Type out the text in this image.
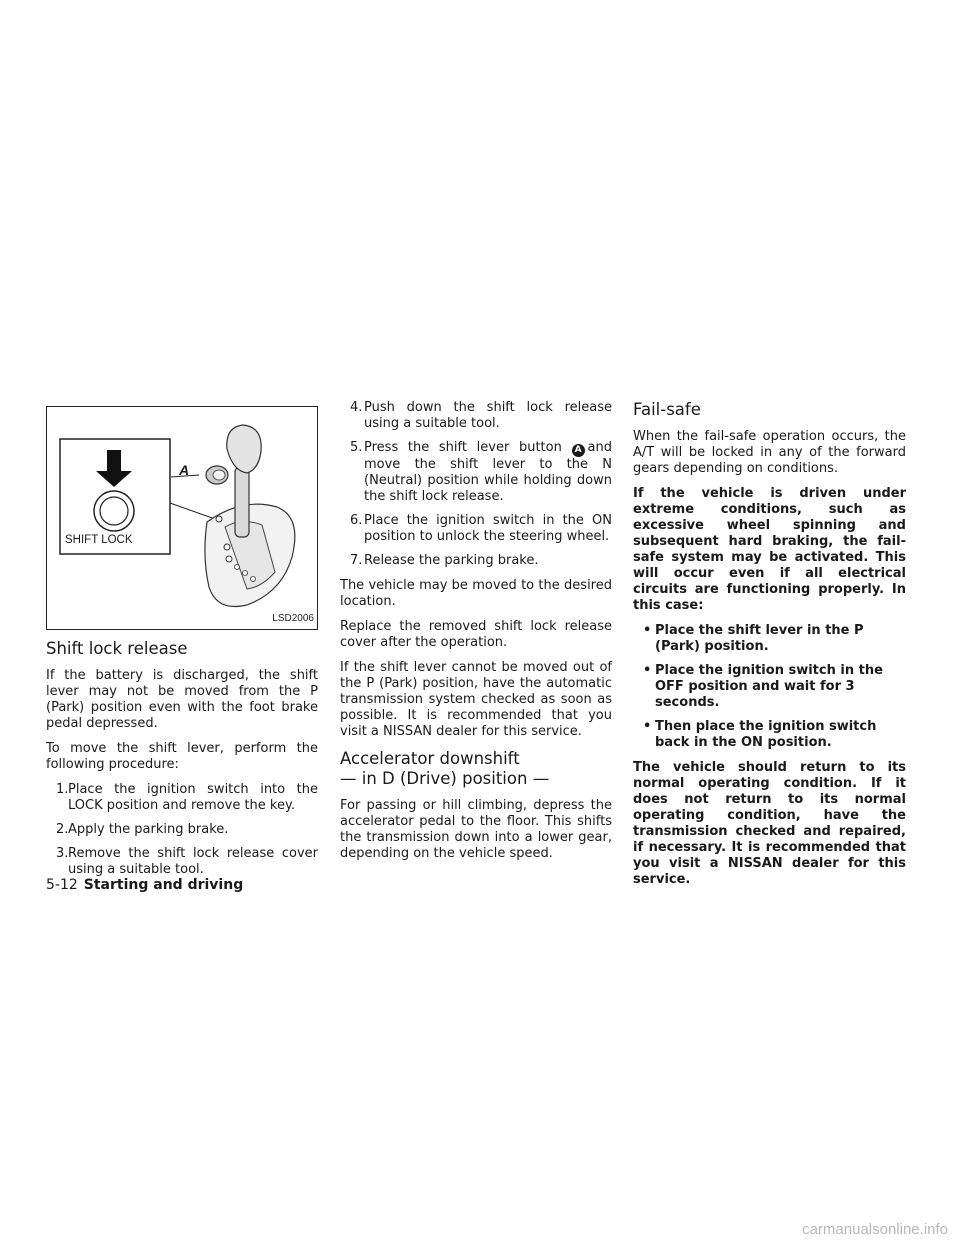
A
SHIFT LOCK
LSD2006
Shift lock release

If the battery is discharged, the shift lever may not be moved from the P (Park) position even with the foot brake pedal depressed.

To move the shift lever, perform the following procedure:

1. Place the ignition switch into the LOCK position and remove the key.
2. Apply the parking brake.
3. Remove the shift lock release cover using a suitable tool.
4. Push down the shift lock release using a suitable tool.
5. Press the shift lever button A and move the shift lever to the N (Neutral) position while holding down the shift lock release.
6. Place the ignition switch in the ON position to unlock the steering wheel.
7. Release the parking brake.

The vehicle may be moved to the desired location.

Replace the removed shift lock release cover after the operation.

If the shift lever cannot be moved out of the P (Park) position, have the automatic transmission system checked as soon as possible. It is recommended that you visit a NISSAN dealer for this service.

Accelerator downshift
— in D (Drive) position —

For passing or hill climbing, depress the accelerator pedal to the floor. This shifts the transmission down into a lower gear, depending on the vehicle speed.

Fail-safe

When the fail-safe operation occurs, the A/T will be locked in any of the forward gears depending on conditions.

If the vehicle is driven under extreme conditions, such as excessive wheel spinning and subsequent hard braking, the fail-safe system may be activated. This will occur even if all electrical circuits are functioning properly. In this case:

• Place the shift lever in the P (Park) position.
• Place the ignition switch in the OFF position and wait for 3 seconds.
• Then place the ignition switch back in the ON position.

The vehicle should return to its normal operating condition. If it does not return to its normal operating condition, have the transmission checked and repaired, if necessary. It is recommended that you visit a NISSAN dealer for this service.

5-12 Starting and driving
carmanualsonline.info
